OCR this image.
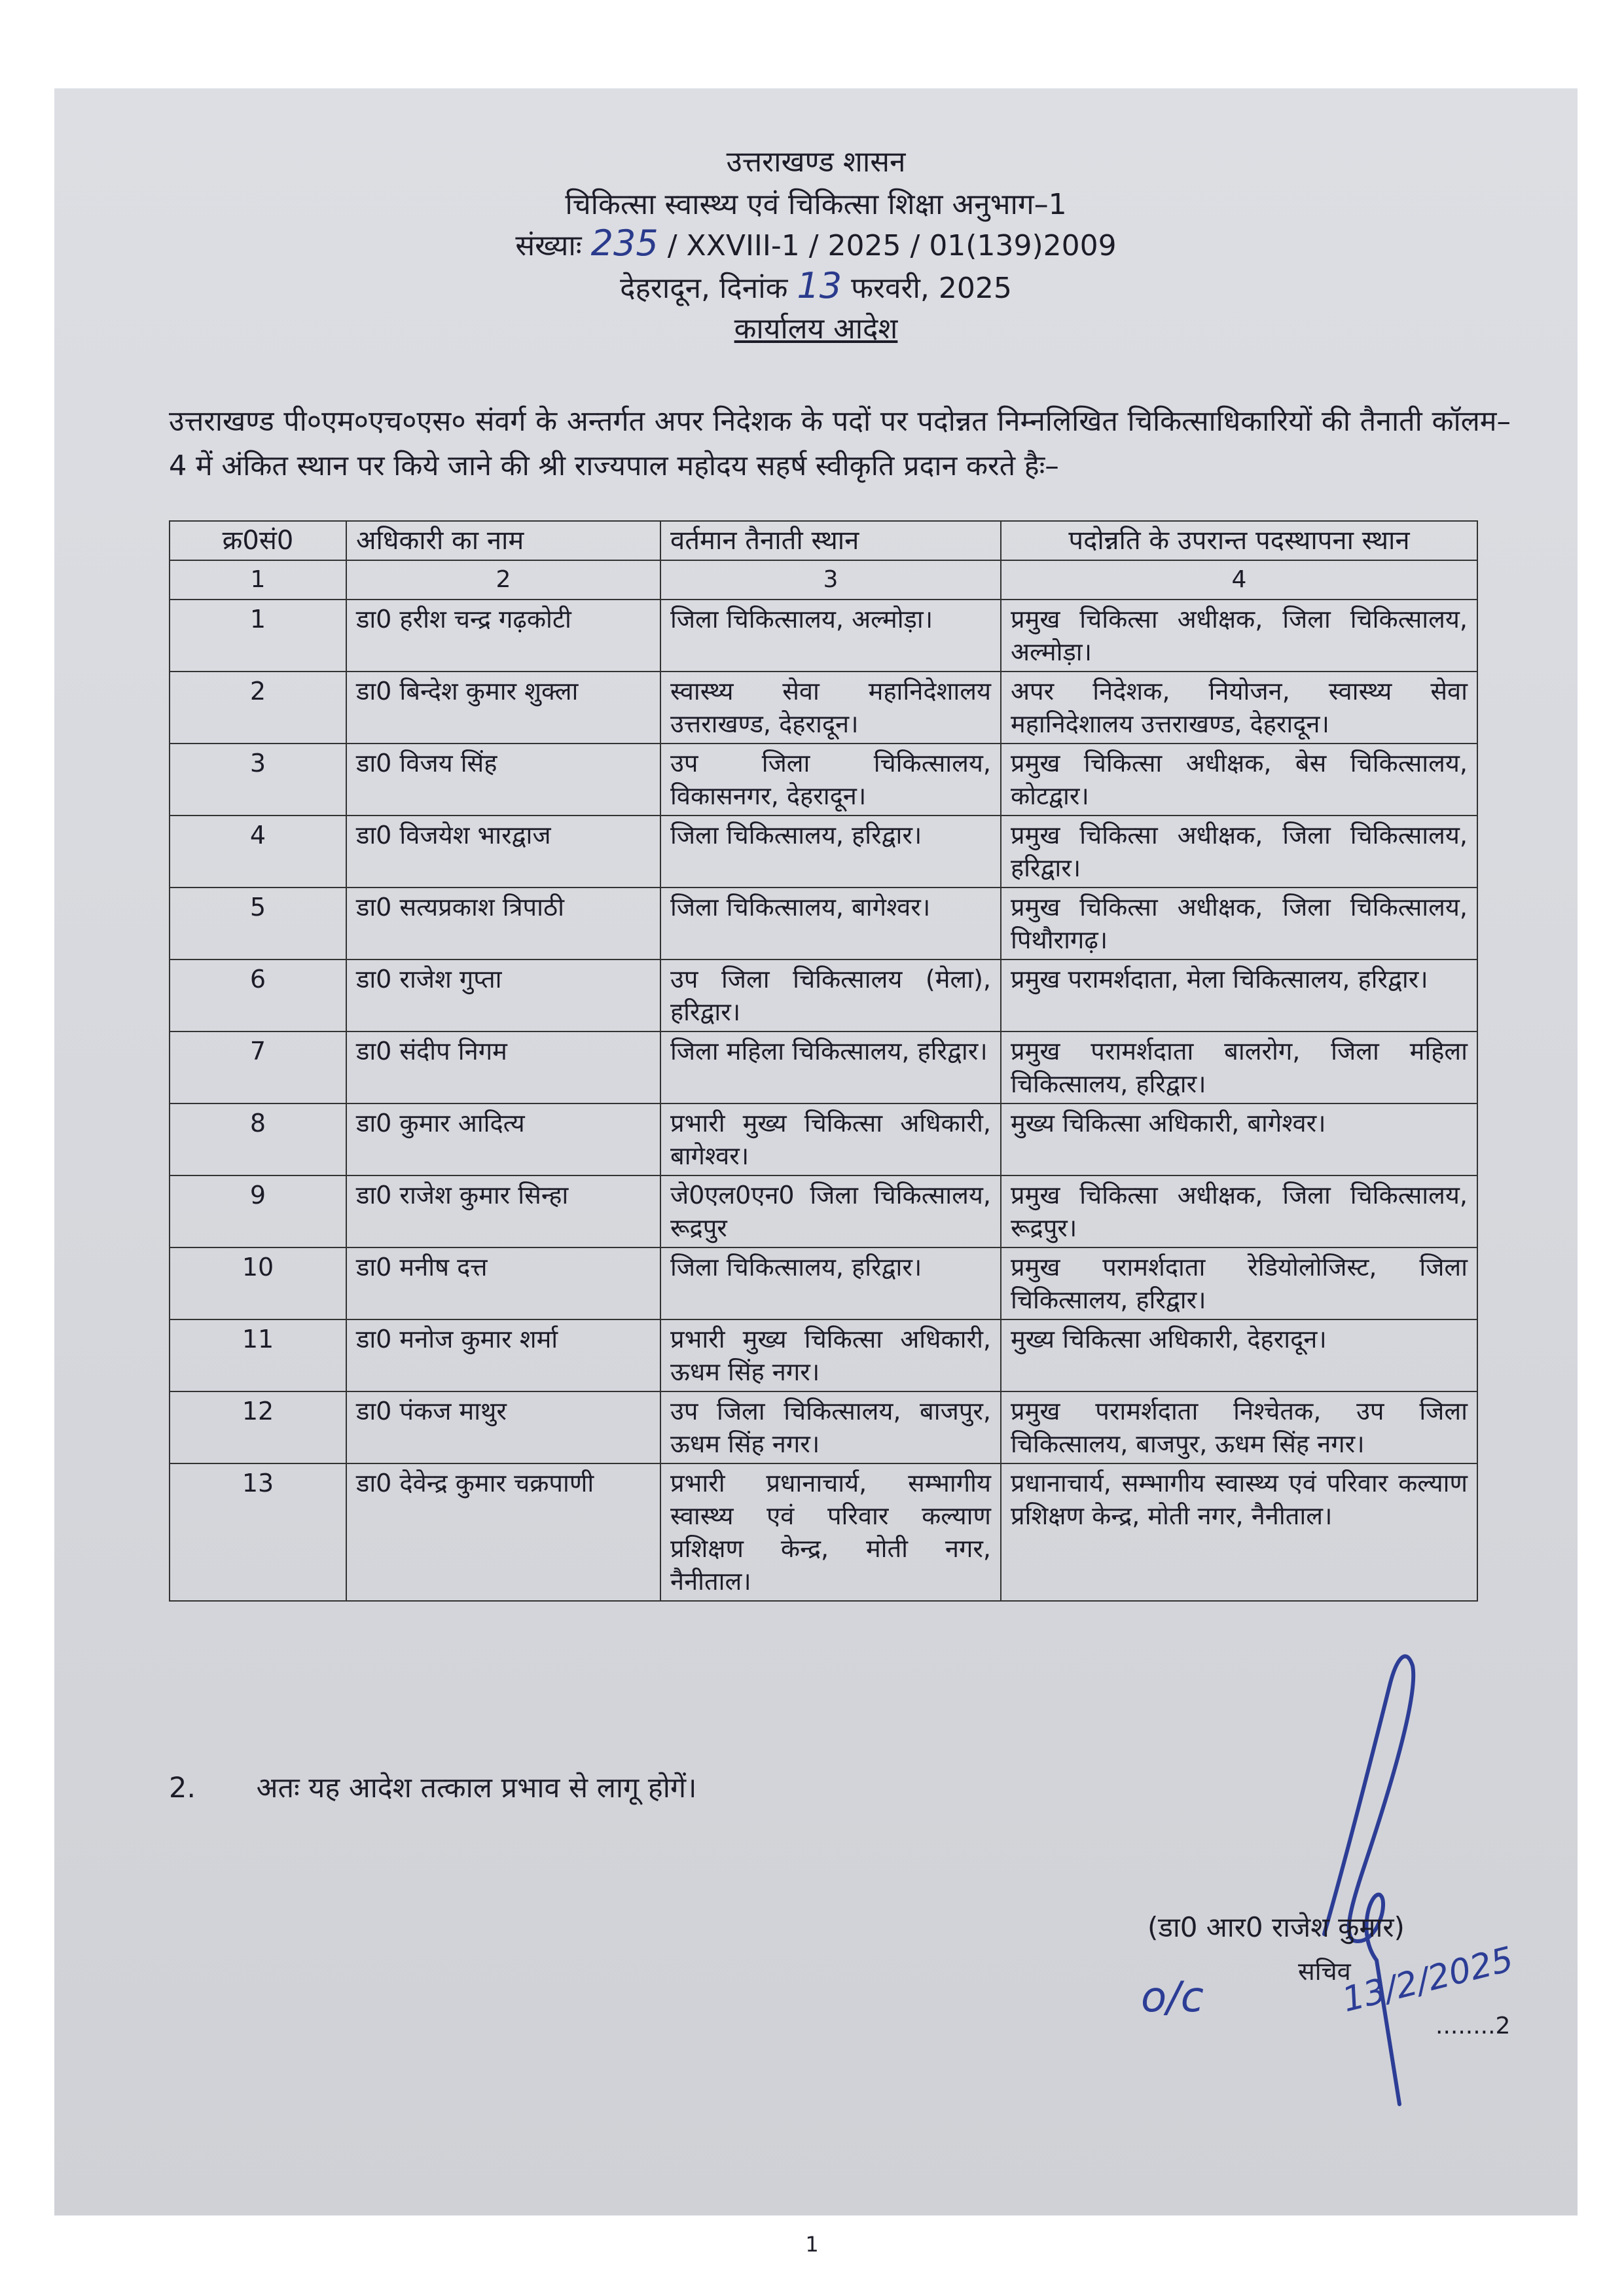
उत्तराखण्ड शासन
चिकित्सा स्वास्थ्य एवं चिकित्सा शिक्षा अनुभाग–1
संख्याः 235 / XXVIII-1 / 2025 / 01(139)2009
देहरादून, दिनांक 13 फरवरी, 2025
कार्यालय आदेश
उत्तराखण्ड पी०एम०एच०एस० संवर्ग के अन्तर्गत अपर निदेशक के पदों पर पदोन्नत निम्नलिखित चिकित्साधिकारियों की तैनाती कॉलम–4 में अंकित स्थान पर किये जाने की श्री राज्यपाल महोदय सहर्ष स्वीकृति प्रदान करते हैः–
क्र0सं0	अधिकारी का नाम	वर्तमान तैनाती स्थान	पदोन्नति के उपरान्त पदस्थापना स्थान
1	2	3	4
1	डा0 हरीश चन्द्र गढ़कोटी	जिला चिकित्सालय, अल्मोड़ा।	प्रमुख चिकित्सा अधीक्षक, जिला चिकित्सालय, अल्मोड़ा।
2	डा0 बिन्देश कुमार शुक्ला	स्वास्थ्य सेवा महानिदेशालय उत्तराखण्ड, देहरादून।	अपर निदेशक, नियोजन, स्वास्थ्य सेवा महानिदेशालय उत्तराखण्ड, देहरादून।
3	डा0 विजय सिंह	उप जिला चिकित्सालय, विकासनगर, देहरादून।	प्रमुख चिकित्सा अधीक्षक, बेस चिकित्सालय, कोटद्वार।
4	डा0 विजयेश भारद्वाज	जिला चिकित्सालय, हरिद्वार।	प्रमुख चिकित्सा अधीक्षक, जिला चिकित्सालय, हरिद्वार।
5	डा0 सत्यप्रकाश त्रिपाठी	जिला चिकित्सालय, बागेश्वर।	प्रमुख चिकित्सा अधीक्षक, जिला चिकित्सालय, पिथौरागढ़।
6	डा0 राजेश गुप्ता	उप जिला चिकित्सालय (मेला), हरिद्वार।	प्रमुख परामर्शदाता, मेला चिकित्सालय, हरिद्वार।
7	डा0 संदीप निगम	जिला महिला चिकित्सालय, हरिद्वार।	प्रमुख परामर्शदाता बालरोग, जिला महिला चिकित्सालय, हरिद्वार।
8	डा0 कुमार आदित्य	प्रभारी मुख्य चिकित्सा अधिकारी, बागेश्वर।	मुख्य चिकित्सा अधिकारी, बागेश्वर।
9	डा0 राजेश कुमार सिन्हा	जे0एल0एन0 जिला चिकित्सालय, रूद्रपुर	प्रमुख चिकित्सा अधीक्षक, जिला चिकित्सालय, रूद्रपुर।
10	डा0 मनीष दत्त	जिला चिकित्सालय, हरिद्वार।	प्रमुख परामर्शदाता रेडियोलोजिस्ट, जिला चिकित्सालय, हरिद्वार।
11	डा0 मनोज कुमार शर्मा	प्रभारी मुख्य चिकित्सा अधिकारी, ऊधम सिंह नगर।	मुख्य चिकित्सा अधिकारी, देहरादून।
12	डा0 पंकज माथुर	उप जिला चिकित्सालय, बाजपुर, ऊधम सिंह नगर।	प्रमुख परामर्शदाता निश्चेतक, उप जिला चिकित्सालय, बाजपुर, ऊधम सिंह नगर।
13	डा0 देवेन्द्र कुमार चक्रपाणी	प्रभारी प्रधानाचार्य, सम्भागीय स्वास्थ्य एवं परिवार कल्याण प्रशिक्षण केन्द्र, मोती नगर, नैनीताल।	प्रधानाचार्य, सम्भागीय स्वास्थ्य एवं परिवार कल्याण प्रशिक्षण केन्द्र, मोती नगर, नैनीताल।
2. अतः यह आदेश तत्काल प्रभाव से लागू होगें।
(डा0 आर0 राजेश कुमार)
सचिव
13/2/2025
o/c
........2
1
